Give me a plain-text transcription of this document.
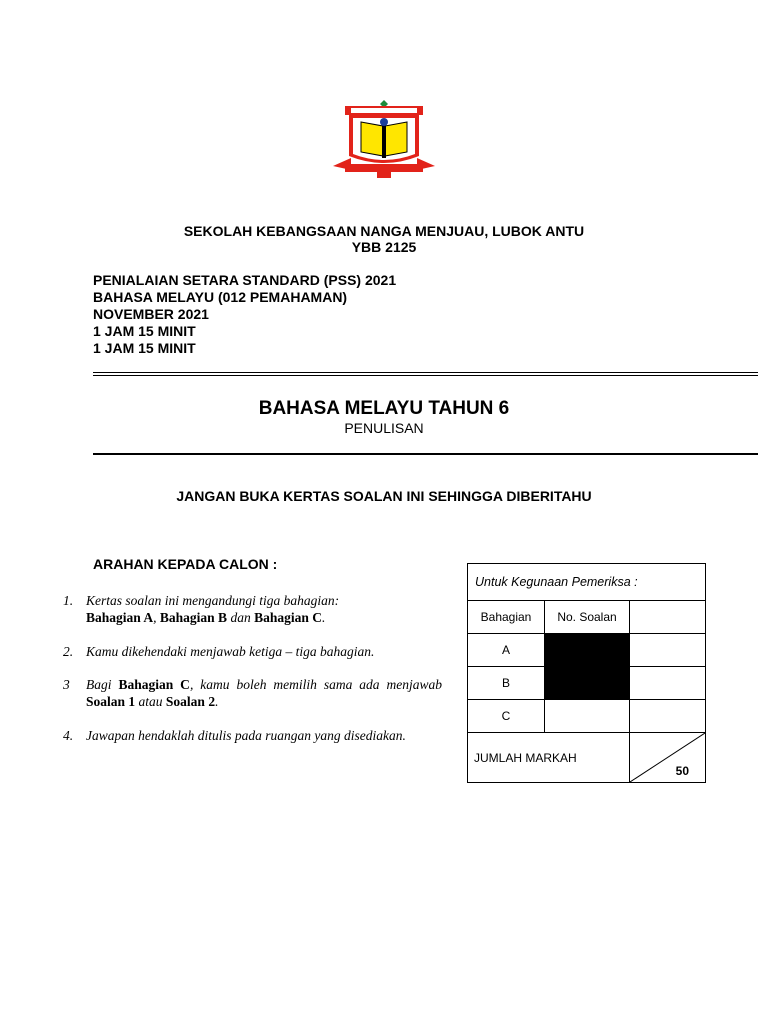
SEKOLAH KEBANGSAAN NANGA MENJUAU, LUBOK ANTU
YBB 2125
PENIALAIAN SETARA STANDARD (PSS) 2021
BAHASA MELAYU (012 PEMAHAMAN)
NOVEMBER 2021
1 JAM 15 MINIT
1 JAM 15 MINIT
BAHASA MELAYU TAHUN 6
PENULISAN
JANGAN BUKA KERTAS SOALAN INI SEHINGGA DIBERITAHU
ARAHAN KEPADA CALON :
1. Kertas soalan ini mengandungi tiga bahagian:
Bahagian A, Bahagian B dan Bahagian C.
2. Kamu dikehendaki menjawab ketiga – tiga bahagian.
3 Bagi Bahagian C, kamu boleh memilih sama ada menjawab Soalan 1 atau Soalan 2.
4. Jawapan hendaklah ditulis pada ruangan yang disediakan.
Untuk Kegunaan Pemeriksa :		
Bahagian	No. Soalan	
A		
B		
C		
JUMLAH MARKAH		50
